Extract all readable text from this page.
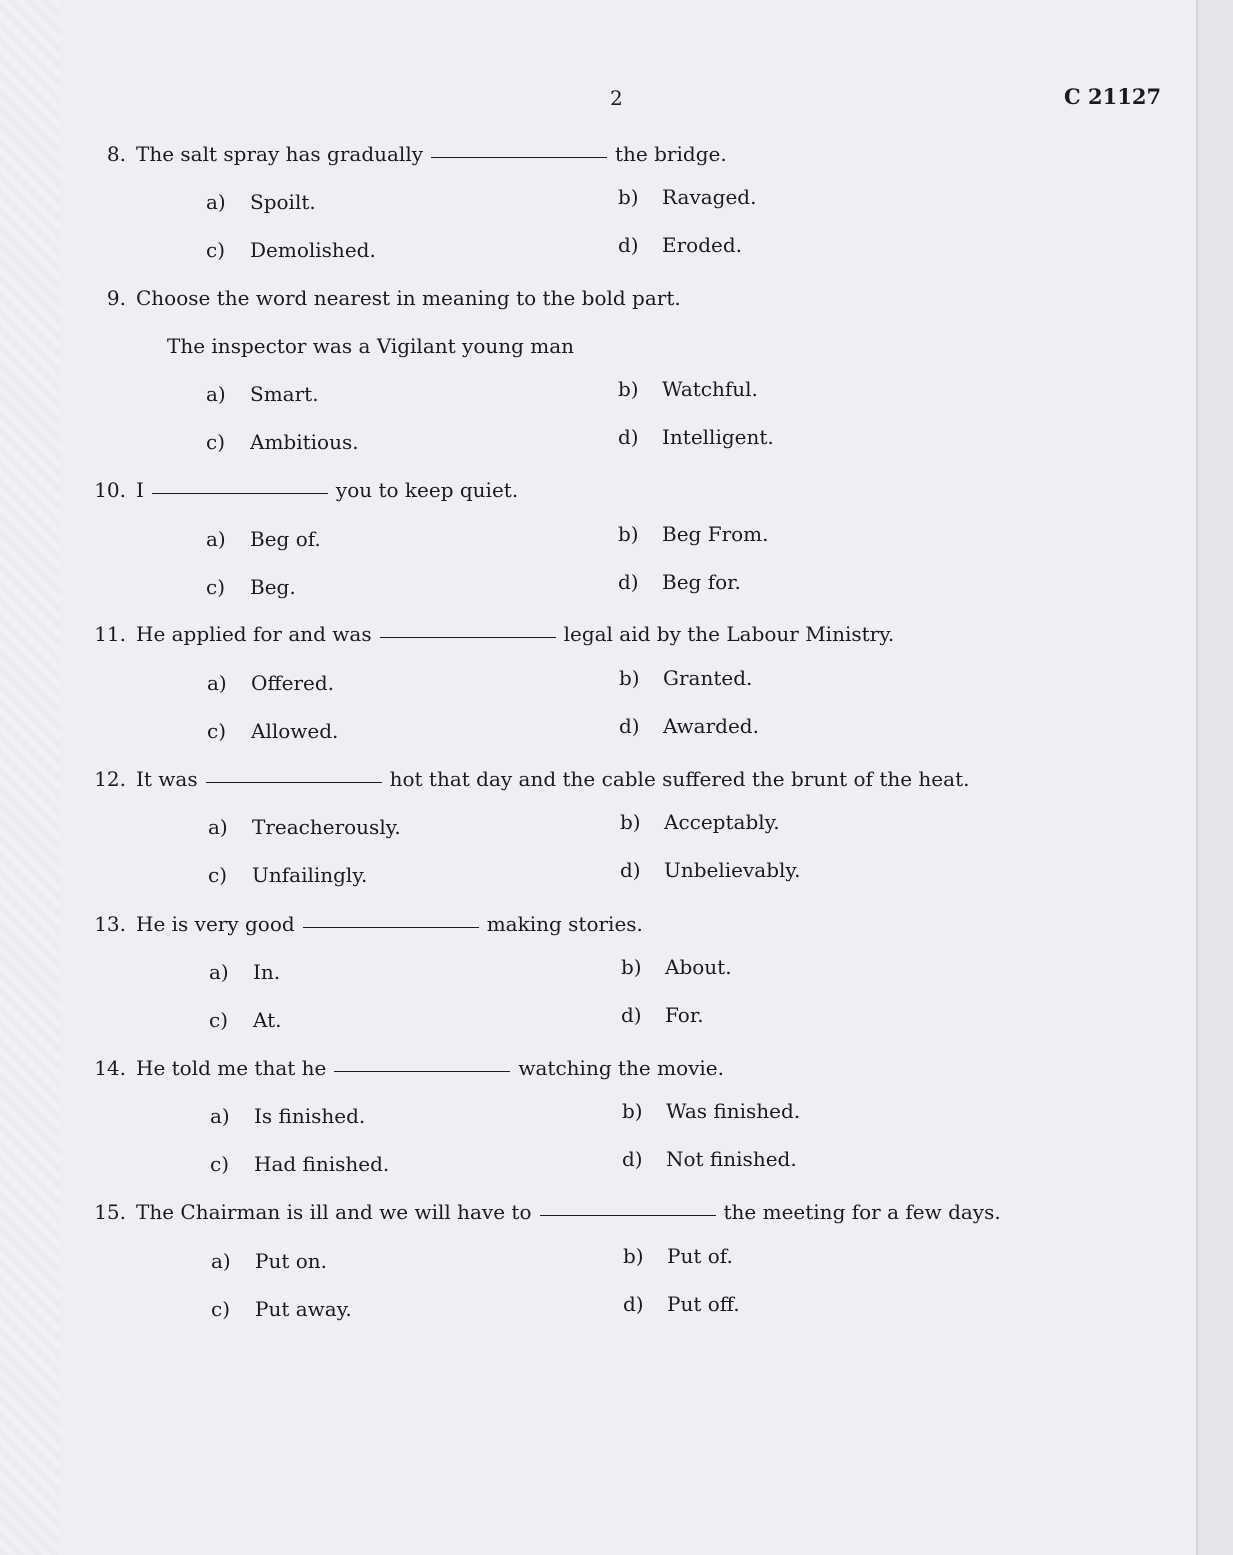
2	C 21127
8. The salt spray has gradually	the bridge.
a) Spoilt.	b) Ravaged.
c) Demolished.	d) Eroded.
9. Choose the word nearest in meaning to the bold part.
The inspector was a Vigilant young man
a) Smart.	b) Watchful.
c) Ambitious.	d) Intelligent.
10. I	you to keep quiet.
a) Beg of.	b) Beg From.
c) Beg.	d) Beg for.
11. He applied for and was	legal aid by the Labour Ministry.
a) Offered.	b) Granted.
c) Allowed.	d) Awarded.
12. It was	hot that day and the cable suffered the brunt of the heat.
a) Treacherously.	b) Acceptably.
c) Unfailingly.	d) Unbelievably.
13. He is very good	making stories.
a) In.	b) About.
c) At.	d) For.
14. He told me that he	watching the movie.
a) Is finished.	b) Was finished.
c) Had finished.	d) Not finished.
15. The Chairman is ill and we will have to	the meeting for a few days.
a) Put on.	b) Put of.
c) Put away.	d) Put off.
